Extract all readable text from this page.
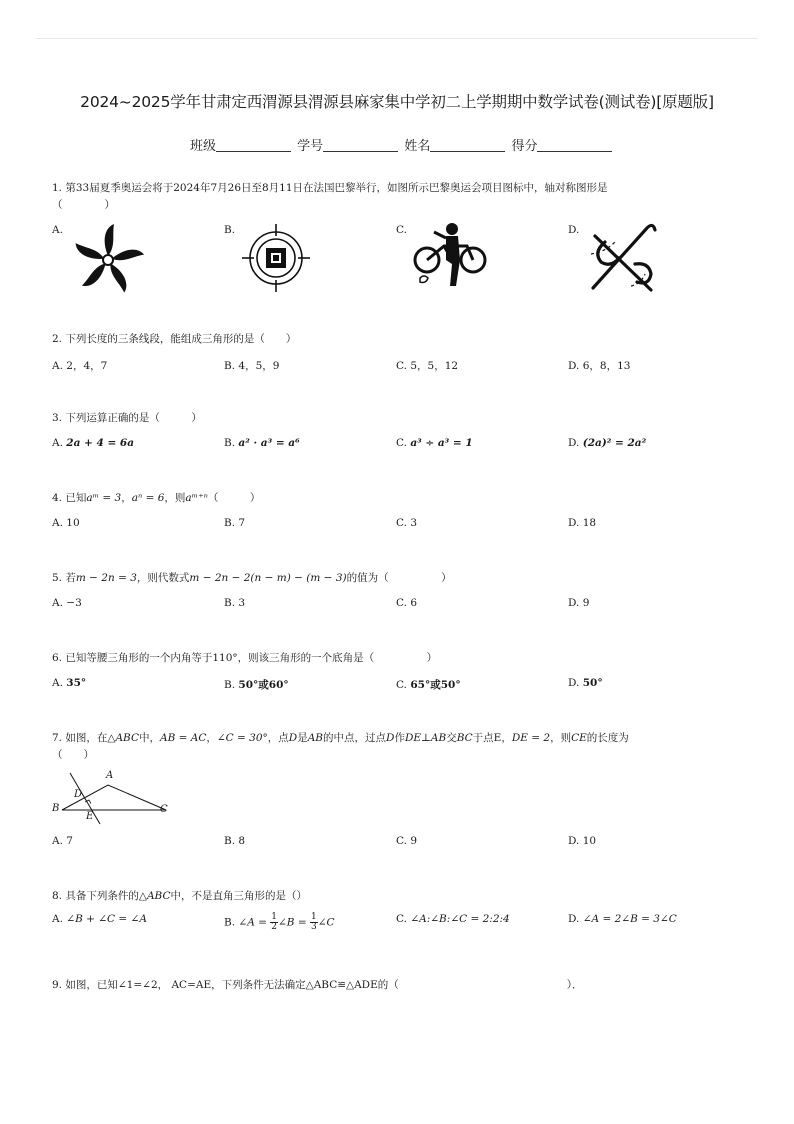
2024~2025学年甘肃定西渭源县渭源县麻家集中学初二上学期期中数学试卷(测试卷)[原题版]
班级	学号	姓名	得分
1. 第33届夏季奥运会将于2024年7月26日至8月11日在法国巴黎举行，如图所示巴黎奥运会项目图标中，轴对称图形是
（　　　　）
A.	B.	C.	D.
2. 下列长度的三条线段，能组成三角形的是（　　）
A. 2，4，7	B. 4，5，9	C. 5，5，12	D. 6，8，13
3. 下列运算正确的是（　　　）
A. 2a + 4 = 6a	B. a² · a³ = a⁶	C. a³ ÷ a³ = 1	D. (2a)² = 2a²
4. 已知aᵐ = 3，aⁿ = 6，则aᵐ⁺ⁿ（　　　）
A. 10	B. 7	C. 3	D. 18
5. 若m − 2n = 3，则代数式m − 2n − 2(n − m) − (m − 3)的值为（　　　　　）
A. −3	B. 3	C. 6	D. 9
6. 已知等腰三角形的一个内角等于110°，则该三角形的一个底角是（　　　　　）
A. 35°	B. 50°或60°	C. 65°或50°	D. 50°
7. 如图，在△ABC中，AB = AC，∠C = 30°，点D是AB的中点，过点D作DE⊥AB交BC于点E，DE = 2，则CE的长度为
（　　）
A
D
B
E
C
A. 7	B. 8	C. 9	D. 10
8. 具备下列条件的△ABC中，不是直角三角形的是（）
A. ∠B + ∠C = ∠A	B. ∠A = $\frac{1}{2}$ ∠B = $\frac{1}{3}$ ∠C	C. ∠A:∠B:∠C = 2:2:4	D. ∠A = 2∠B = 3∠C
9. 如图，已知∠1=∠2， AC=AE，下列条件无法确定△ABC≌△ADE的（　　　　　　　　　　　　　　　　）．
